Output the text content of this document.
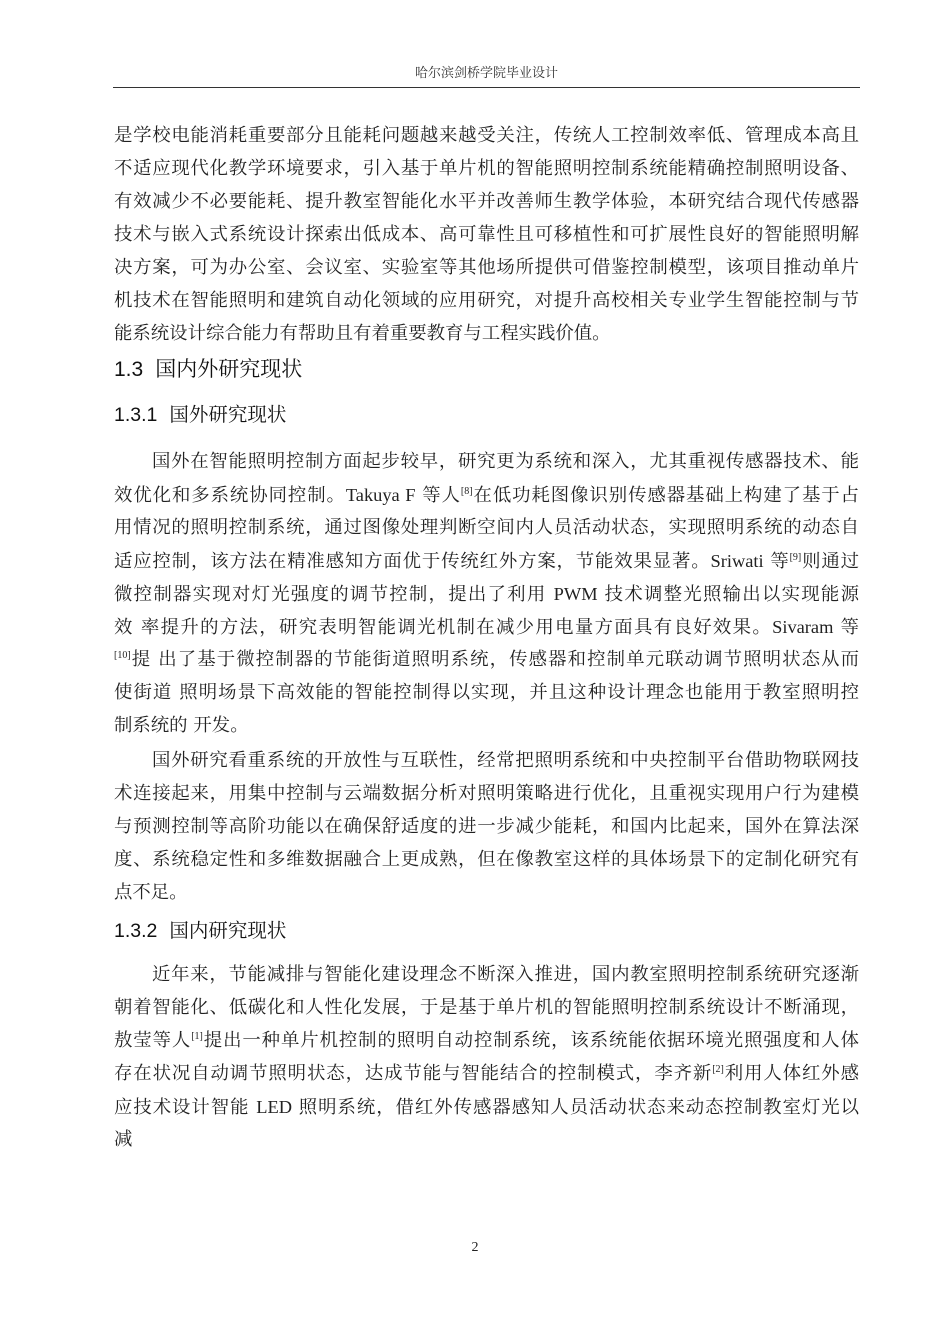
哈尔滨剑桥学院毕业设计
是学校电能消耗重要部分且能耗问题越来越受关注，传统人工控制效率低、管理成本高且
不适应现代化教学环境要求，引入基于单片机的智能照明控制系统能精确控制照明设备、
有效减少不必要能耗、提升教室智能化水平并改善师生教学体验，本研究结合现代传感器
技术与嵌入式系统设计探索出低成本、高可靠性且可移植性和可扩展性良好的智能照明解
决方案，可为办公室、会议室、实验室等其他场所提供可借鉴控制模型，该项目推动单片
机技术在智能照明和建筑自动化领域的应用研究，对提升高校相关专业学生智能控制与节
能系统设计综合能力有帮助且有着重要教育与工程实践价值。
1.3 国内外研究现状
1.3.1 国外研究现状
国外在智能照明控制方面起步较早，研究更为系统和深入，尤其重视传感器技术、能
效优化和多系统协同控制。Takuya F 等人[8]在低功耗图像识别传感器基础上构建了基于占
用情况的照明控制系统，通过图像处理判断空间内人员活动状态，实现照明系统的动态自
适应控制，该方法在精准感知方面优于传统红外方案，节能效果显著。Sriwati 等[9]则通过
微控制器实现对灯光强度的调节控制，提出了利用 PWM 技术调整光照输出以实现能源
效 率提升的方法，研究表明智能调光机制在减少用电量方面具有良好效果。Sivaram 等
[10]提 出了基于微控制器的节能街道照明系统，传感器和控制单元联动调节照明状态从而
使街道 照明场景下高效能的智能控制得以实现，并且这种设计理念也能用于教室照明控
制系统的 开发。
国外研究看重系统的开放性与互联性，经常把照明系统和中央控制平台借助物联网技
术连接起来，用集中控制与云端数据分析对照明策略进行优化，且重视实现用户行为建模
与预测控制等高阶功能以在确保舒适度的进一步减少能耗，和国内比起来，国外在算法深
度、系统稳定性和多维数据融合上更成熟，但在像教室这样的具体场景下的定制化研究有
点不足。
1.3.2 国内研究现状
近年来，节能减排与智能化建设理念不断深入推进，国内教室照明控制系统研究逐渐
朝着智能化、低碳化和人性化发展，于是基于单片机的智能照明控制系统设计不断涌现，
敖莹等人[1]提出一种单片机控制的照明自动控制系统，该系统能依据环境光照强度和人体
存在状况自动调节照明状态，达成节能与智能结合的控制模式，李齐新[2]利用人体红外感
应技术设计智能 LED 照明系统，借红外传感器感知人员活动状态来动态控制教室灯光以
减
2
